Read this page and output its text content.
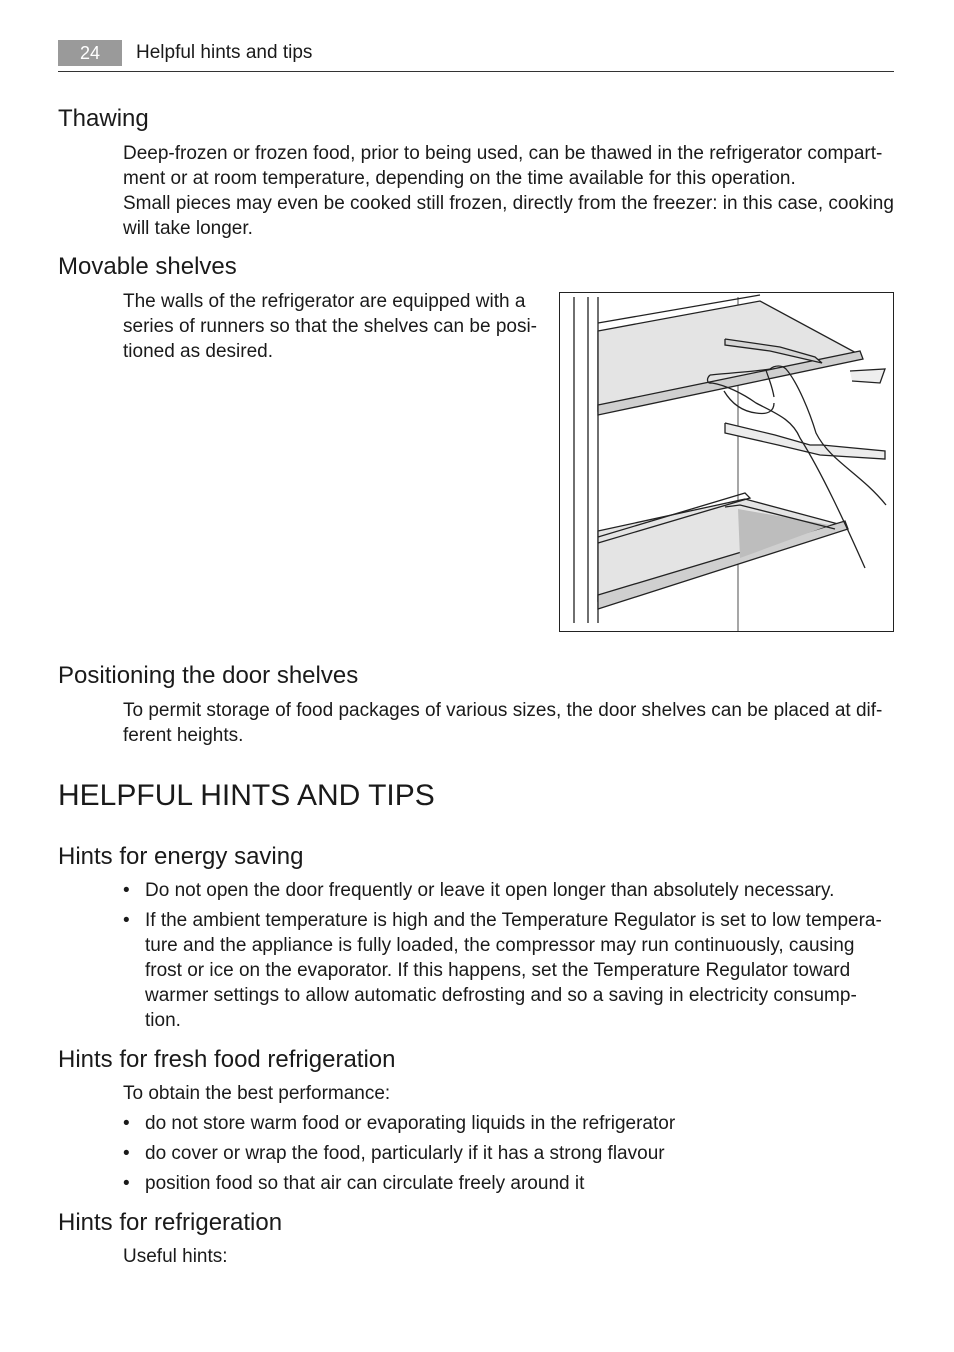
24	Helpful hints and tips
Thawing
Deep-frozen or frozen food, prior to being used, can be thawed in the refrigerator compart-
ment or at room temperature, depending on the time available for this operation.
Small pieces may even be cooked still frozen, directly from the freezer: in this case, cooking
will take longer.
Movable shelves
The walls of the refrigerator are equipped with a
series of runners so that the shelves can be posi-
tioned as desired.
Positioning the door shelves
To permit storage of food packages of various sizes, the door shelves can be placed at dif-
ferent heights.
HELPFUL HINTS AND TIPS
Hints for energy saving
• Do not open the door frequently or leave it open longer than absolutely necessary.
• If the ambient temperature is high and the Temperature Regulator is set to low tempera-
ture and the appliance is fully loaded, the compressor may run continuously, causing
frost or ice on the evaporator. If this happens, set the Temperature Regulator toward
warmer settings to allow automatic defrosting and so a saving in electricity consump-
tion.
Hints for fresh food refrigeration
To obtain the best performance:
• do not store warm food or evaporating liquids in the refrigerator
• do cover or wrap the food, particularly if it has a strong flavour
• position food so that air can circulate freely around it
Hints for refrigeration
Useful hints:
